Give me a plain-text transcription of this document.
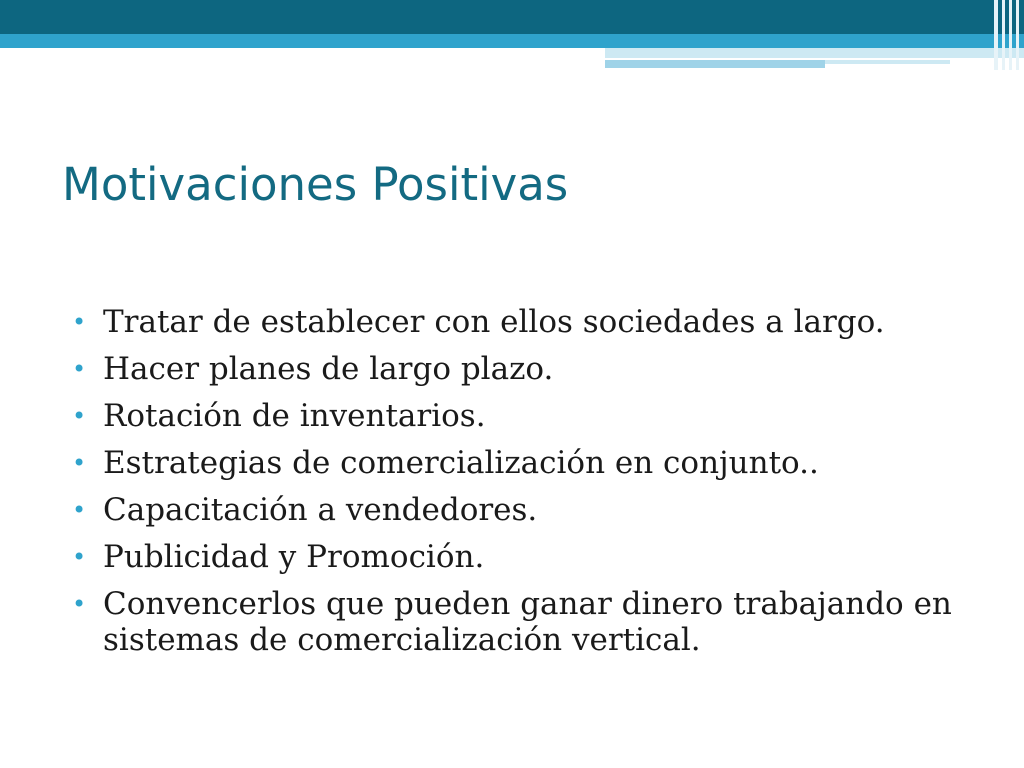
Motivaciones Positivas
• Tratar de establecer con ellos sociedades a largo.
• Hacer planes de largo plazo.
• Rotación de inventarios.
• Estrategias de comercialización en conjunto..
• Capacitación a vendedores.
• Publicidad y Promoción.
• Convencerlos que pueden ganar dinero trabajando en sistemas de comercialización vertical.
